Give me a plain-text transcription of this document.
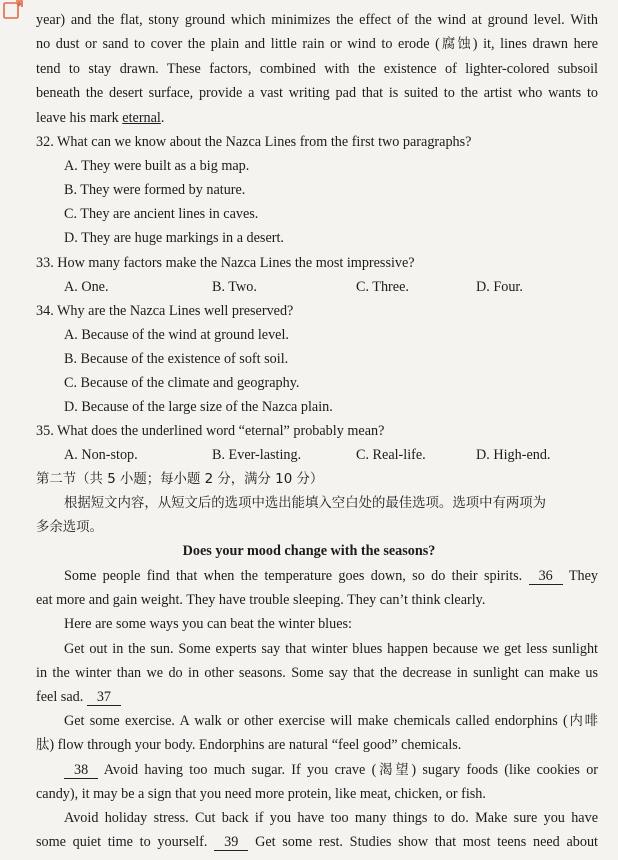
year) and the flat, stony ground which minimizes the effect of the wind at ground level. With
no dust or sand to cover the plain and little rain or wind to erode (腐蚀) it, lines drawn here
tend to stay drawn. These factors, combined with the existence of lighter-colored subsoil
beneath the desert surface, provide a vast writing pad that is suited to the artist who wants to
leave his mark eternal.
32. What can we know about the Nazca Lines from the first two paragraphs?
A. They were built as a big map.
B. They were formed by nature.
C. They are ancient lines in caves.
D. They are huge markings in a desert.
33. How many factors make the Nazca Lines the most impressive?
A. One.	B. Two.	C. Three.	D. Four.
34. Why are the Nazca Lines well preserved?
A. Because of the wind at ground level.
B. Because of the existence of soft soil.
C. Because of the climate and geography.
D. Because of the large size of the Nazca plain.
35. What does the underlined word “eternal” probably mean?
A. Non-stop.	B. Ever-lasting.	C. Real-life.	D. High-end.
第二节（共 5 小题；每小题 2 分，满分 10 分）
根据短文内容，从短文后的选项中选出能填入空白处的最佳选项。选项中有两项为
多余选项。
Does your mood change with the seasons?
Some people find that when the temperature goes down, so do their spirits. 36 They
eat more and gain weight. They have trouble sleeping. They can’t think clearly.
Here are some ways you can beat the winter blues:
Get out in the sun. Some experts say that winter blues happen because we get less sunlight
in the winter than we do in other seasons. Some say that the decrease in sunlight can make us
feel sad. 37
Get some exercise. A walk or other exercise will make chemicals called endorphins (内啡
肽) flow through your body. Endorphins are natural “feel good” chemicals.
38 Avoid having too much sugar. If you crave (渴望) sugary foods (like cookies or
candy), it may be a sign that you need more protein, like meat, chicken, or fish.
Avoid holiday stress. Cut back if you have too many things to do. Make sure you have
some quiet time to yourself. 39 Get some rest. Studies show that most teens need about
